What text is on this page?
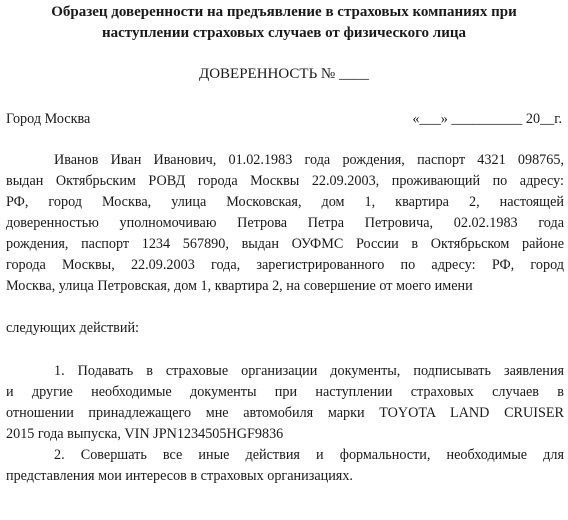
Образец доверенности на предъявление в страховых компаниях при
наступлении страховых случаев от физического лица
ДОВЕРЕННОСТЬ № ____
Город Москва	«___» __________ 20__г.
Иванов Иван Иванович, 01.02.1983 года рождения, паспорт 4321 098765,
выдан Октябрьским РОВД города Москвы 22.09.2003, проживающий по адресу:
РФ, город Москва, улица Московская, дом 1, квартира 2, настоящей
доверенностью уполномочиваю Петрова Петра Петровича, 02.02.1983 года
рождения, паспорт 1234 567890, выдан ОУФМС России в Октябрьском районе
города Москвы, 22.09.2003 года, зарегистрированного по адресу: РФ, город
Москва, улица Петровская, дом 1, квартира 2, на совершение от моего имени
следующих действий:
1. Подавать в страховые организации документы, подписывать заявления
и другие необходимые документы при наступлении страховых случаев в
отношении принадлежащего мне автомобиля марки TOYOTA LAND CRUISER
2015 года выпуска, VIN JPN1234505HGF9836
2. Совершать все иные действия и формальности, необходимые для
представления мои интересов в страховых организациях.
